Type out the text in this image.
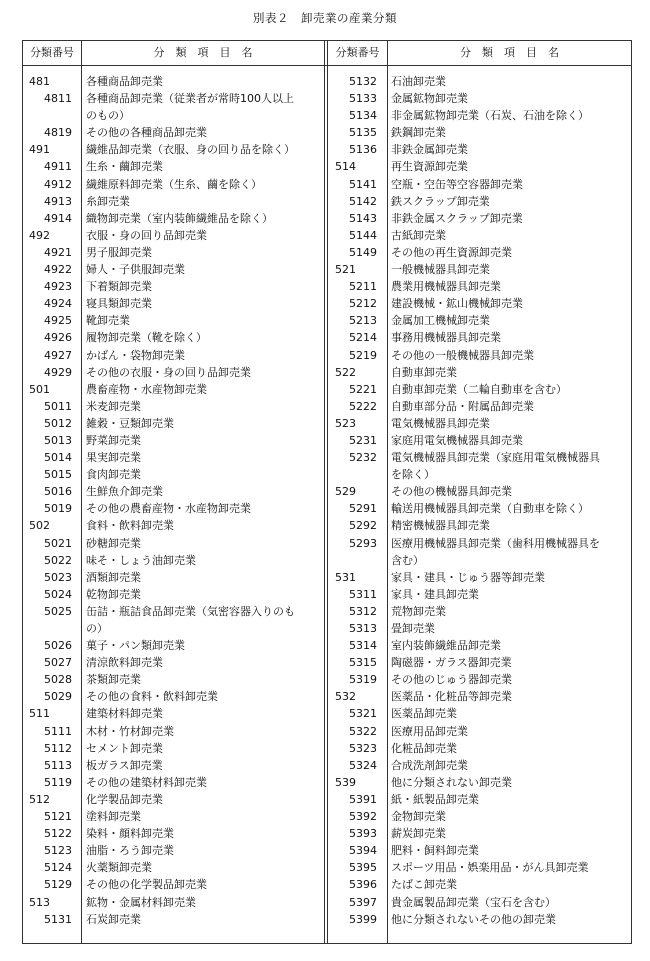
別表２　卸売業の産業分類
分類番号	分　類　項　目　名	分類番号	分　類　項　目　名
481	各種商品卸売業
4811 各種商品卸売業（従業者が常時100人以上
のもの）
4819 その他の各種商品卸売業
491	繊維品卸売業（衣服、身の回り品を除く）
4911 生糸・繭卸売業
4912 繊維原料卸売業（生糸、繭を除く）
4913 糸卸売業
4914 織物卸売業（室内装飾繊維品を除く）
492	衣服・身の回り品卸売業
4921 男子服卸売業
4922 婦人・子供服卸売業
4923 下着類卸売業
4924 寝具類卸売業
4925 靴卸売業
4926 履物卸売業（靴を除く）
4927 かばん・袋物卸売業
4929 その他の衣服・身の回り品卸売業
501	農畜産物・水産物卸売業
5011 米麦卸売業
5012 雑穀・豆類卸売業
5013 野菜卸売業
5014 果実卸売業
5015 食肉卸売業
5016 生鮮魚介卸売業
5019 その他の農畜産物・水産物卸売業
502	食料・飲料卸売業
5021 砂糖卸売業
5022 味そ・しょう油卸売業
5023 酒類卸売業
5024 乾物卸売業
5025 缶詰・瓶詰食品卸売業（気密容器入りのも
の）
5026 菓子・パン類卸売業
5027 清涼飲料卸売業
5028 茶類卸売業
5029 その他の食料・飲料卸売業
511	建築材料卸売業
5111 木材・竹材卸売業
5112 セメント卸売業
5113 板ガラス卸売業
5119 その他の建築材料卸売業
512	化学製品卸売業
5121 塗料卸売業
5122 染料・顔料卸売業
5123 油脂・ろう卸売業
5124 火薬類卸売業
5129 その他の化学製品卸売業
513	鉱物・金属材料卸売業
5131 石炭卸売業
5132 石油卸売業
5133 金属鉱物卸売業
5134 非金属鉱物卸売業（石炭、石油を除く）
5135 鉄鋼卸売業
5136 非鉄金属卸売業
514	再生資源卸売業
5141 空瓶・空缶等空容器卸売業
5142 鉄スクラップ卸売業
5143 非鉄金属スクラップ卸売業
5144 古紙卸売業
5149 その他の再生資源卸売業
521	一般機械器具卸売業
5211 農業用機械器具卸売業
5212 建設機械・鉱山機械卸売業
5213 金属加工機械卸売業
5214 事務用機械器具卸売業
5219 その他の一般機械器具卸売業
522	自動車卸売業
5221 自動車卸売業（二輪自動車を含む）
5222 自動車部分品・附属品卸売業
523	電気機械器具卸売業
5231 家庭用電気機械器具卸売業
5232 電気機械器具卸売業（家庭用電気機械器具
を除く）
529	その他の機械器具卸売業
5291 輸送用機械器具卸売業（自動車を除く）
5292 精密機械器具卸売業
5293 医療用機械器具卸売業（歯科用機械器具を
含む）
531	家具・建具・じゅう器等卸売業
5311 家具・建具卸売業
5312 荒物卸売業
5313 畳卸売業
5314 室内装飾繊維品卸売業
5315 陶磁器・ガラス器卸売業
5319 その他のじゅう器卸売業
532	医薬品・化粧品等卸売業
5321 医薬品卸売業
5322 医療用品卸売業
5323 化粧品卸売業
5324 合成洗剤卸売業
539	他に分類されない卸売業
5391 紙・紙製品卸売業
5392 金物卸売業
5393 薪炭卸売業
5394 肥料・飼料卸売業
5395 スポーツ用品・娯楽用品・がん具卸売業
5396 たばこ卸売業
5397 貴金属製品卸売業（宝石を含む）
5399 他に分類されないその他の卸売業
